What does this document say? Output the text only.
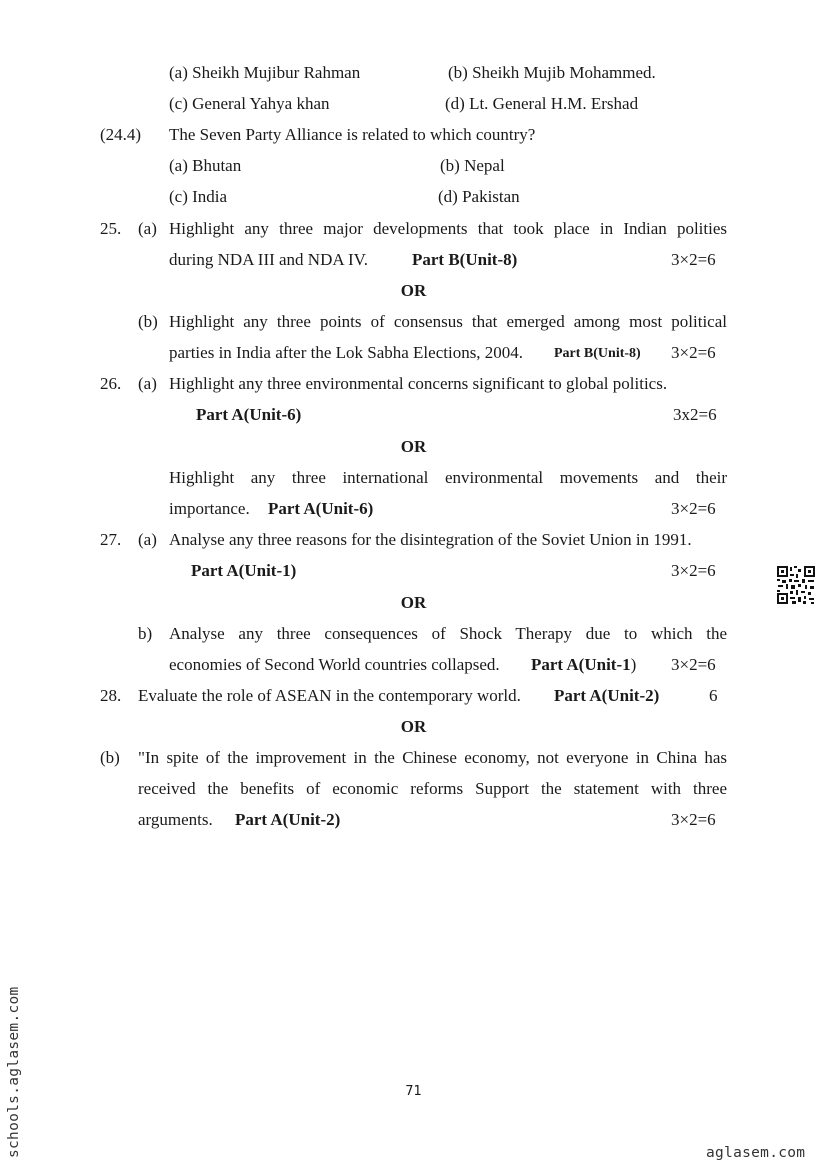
(a) Sheikh Mujibur Rahman	(b) Sheikh Mujib Mohammed.
(c) General Yahya khan	(d) Lt. General H.M. Ershad
(24.4) The Seven Party Alliance is related to which country?
(a) Bhutan	(b) Nepal
(c) India	(d) Pakistan
25. (a) Highlight any three major developments that took place in Indian polities
during NDA III and NDA IV.	Part B(Unit-8)	3×2=6
OR
(b) Highlight any three points of consensus that emerged among most political
parties in India after the Lok Sabha Elections, 2004. Part B(Unit-8) 3×2=6
26. (a) Highlight any three environmental concerns significant to global politics.
Part A(Unit-6)	3x2=6
OR
Highlight any three international environmental movements and their
importance. Part A(Unit-6)	3×2=6
27. (a) Analyse any three reasons for the disintegration of the Soviet Union in 1991.
Part A(Unit-1)	3×2=6
OR
b) Analyse any three consequences of Shock Therapy due to which the
economies of Second World countries collapsed. Part A(Unit-1) 3×2=6
28. Evaluate the role of ASEAN in the contemporary world. Part A(Unit-2)	6
OR
(b) "In spite of the improvement in the Chinese economy, not everyone in China has
received the benefits of economic reforms Support the statement with three
arguments. Part A(Unit-2)	3×2=6
71
schools.aglasem.com	aglasem.com
